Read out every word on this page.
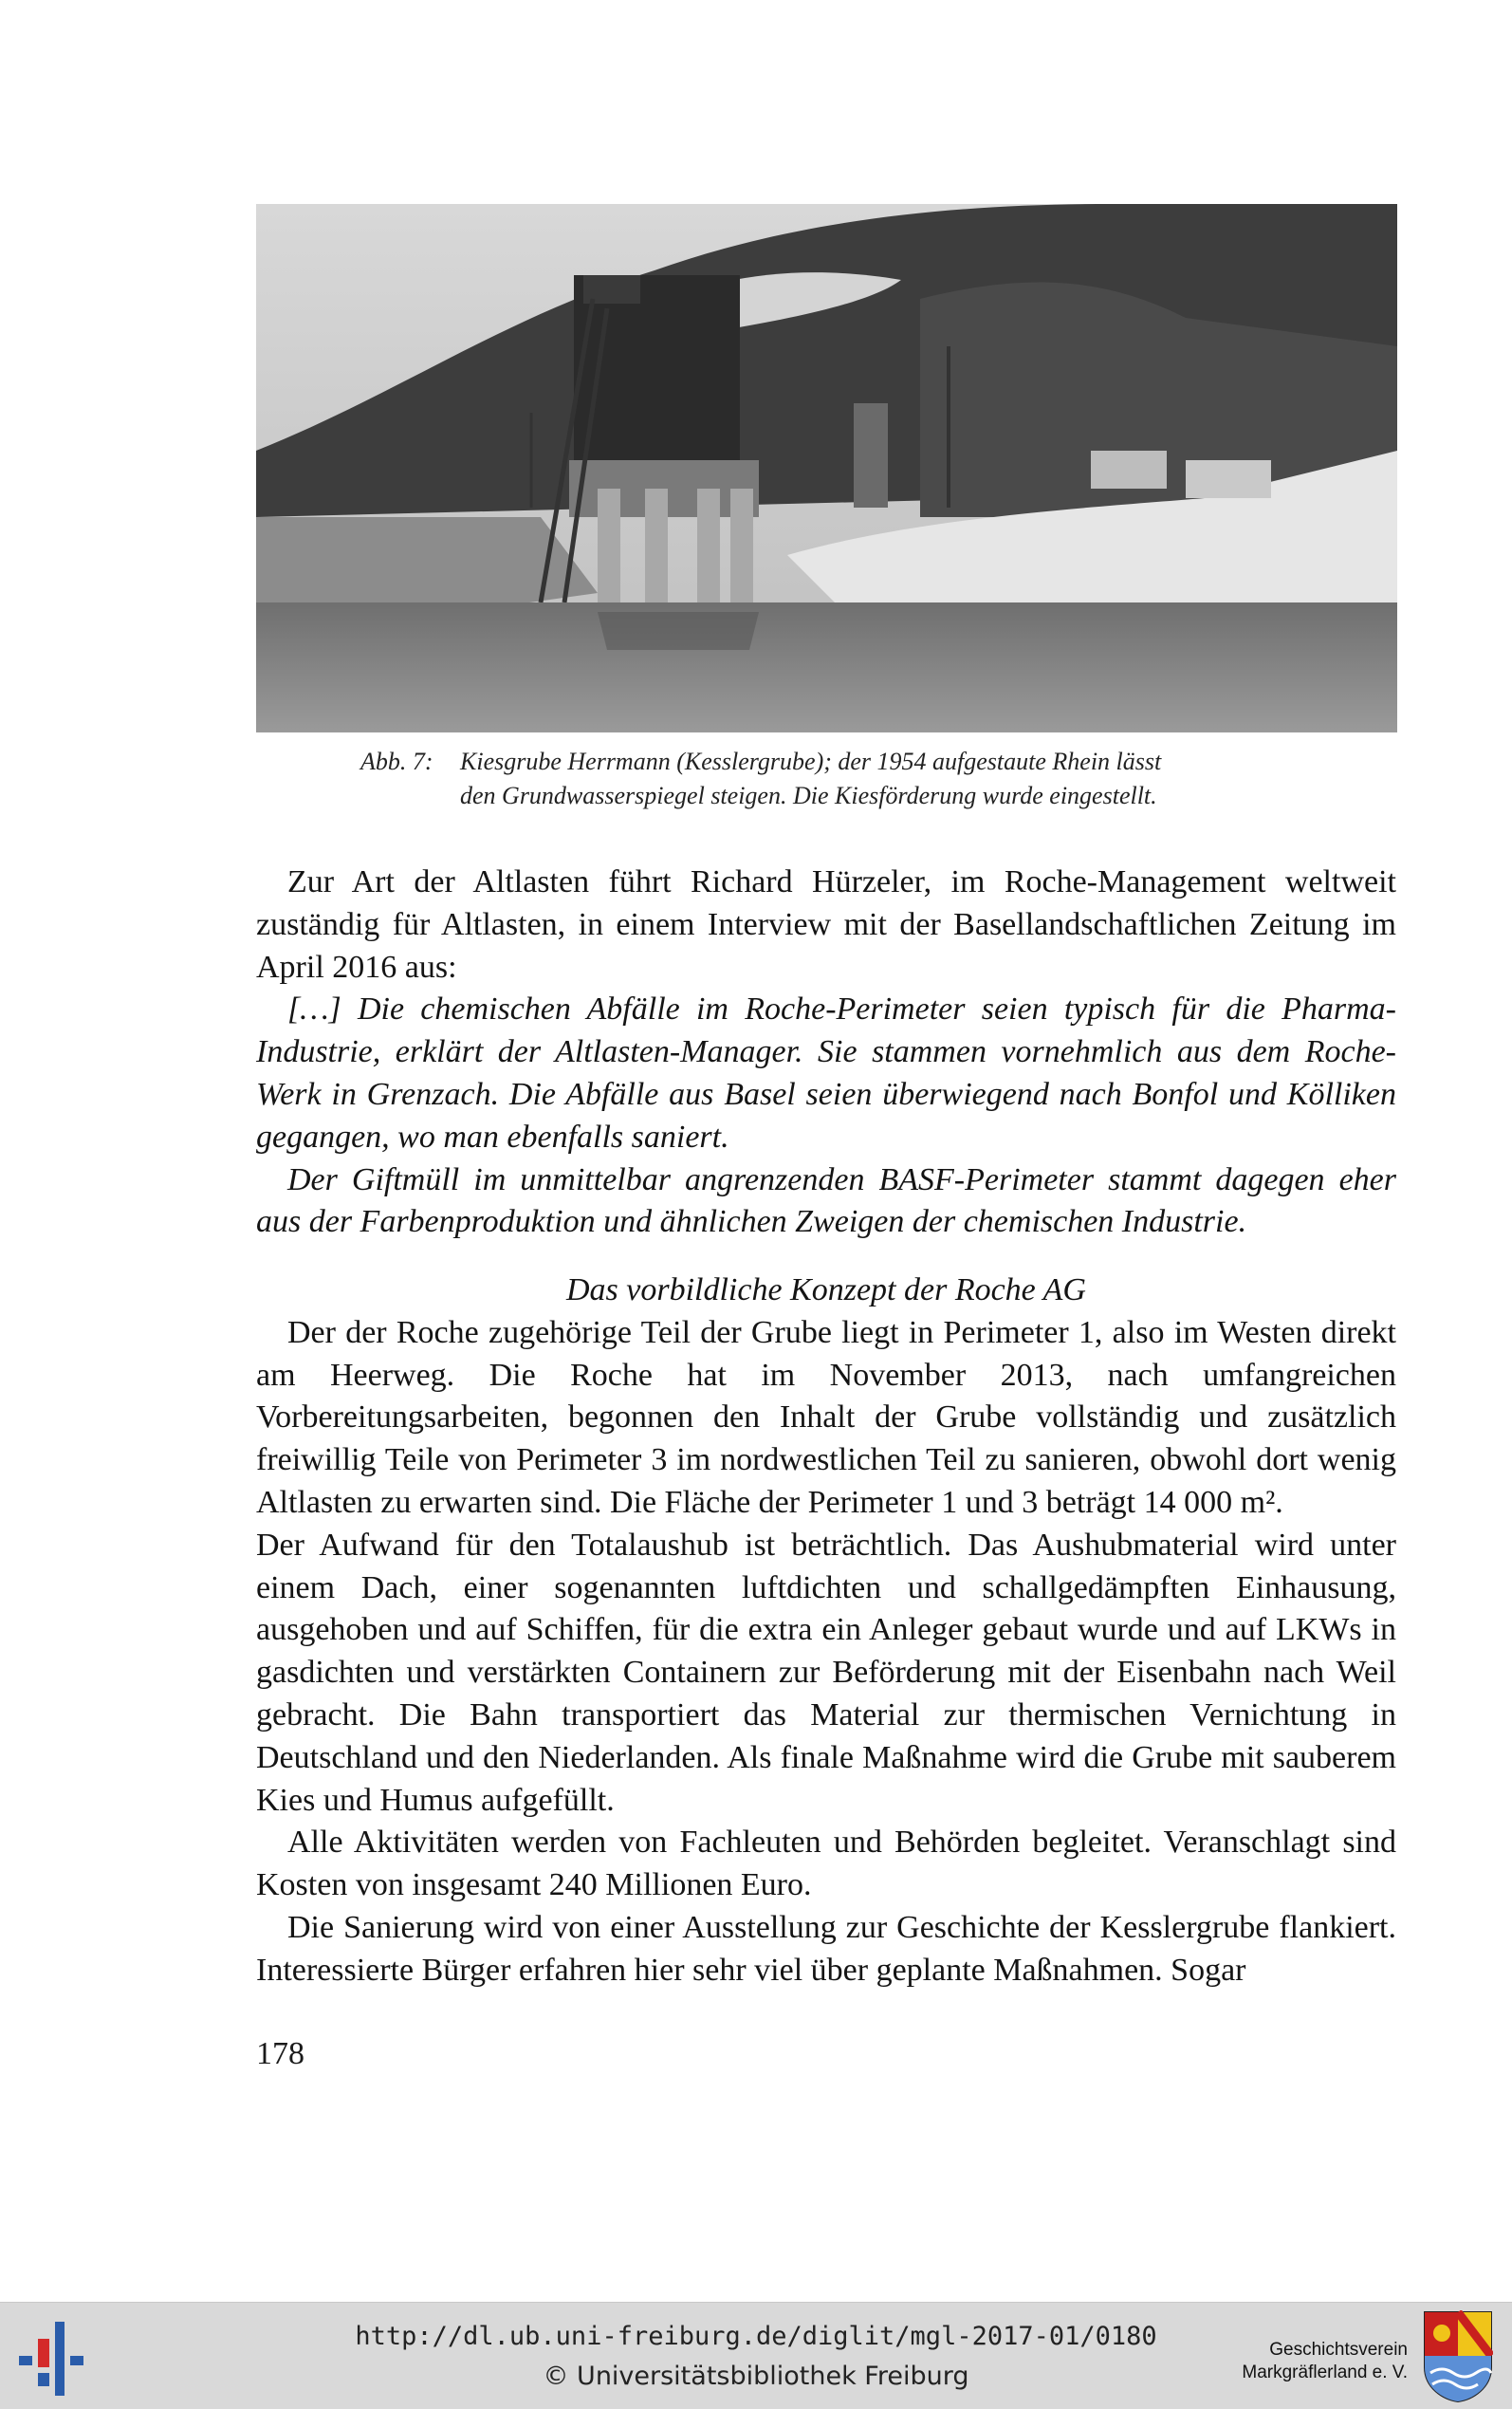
Abb. 7: Kiesgrube Herrmann (Kesslergrube); der 1954 aufgestaute Rhein lässt
den Grundwasserspiegel steigen. Die Kiesförderung wurde eingestellt.

Zur Art der Altlasten führt Richard Hürzeler, im Roche-Management weltweit zuständig für Altlasten, in einem Interview mit der Basellandschaftlichen Zeitung im April 2016 aus:

[…] Die chemischen Abfälle im Roche-Perimeter seien typisch für die Pharma-Industrie, erklärt der Altlasten-Manager. Sie stammen vornehmlich aus dem Roche-Werk in Grenzach. Die Abfälle aus Basel seien überwiegend nach Bonfol und Kölliken gegangen, wo man ebenfalls saniert.

Der Giftmüll im unmittelbar angrenzenden BASF-Perimeter stammt dagegen eher aus der Farbenproduktion und ähnlichen Zweigen der chemischen Industrie.

Das vorbildliche Konzept der Roche AG

Der der Roche zugehörige Teil der Grube liegt in Perimeter 1, also im Westen direkt am Heerweg. Die Roche hat im November 2013, nach umfangreichen Vorbereitungsarbeiten, begonnen den Inhalt der Grube vollständig und zusätzlich freiwillig Teile von Perimeter 3 im nordwestlichen Teil zu sanieren, obwohl dort wenig Altlasten zu erwarten sind. Die Fläche der Perimeter 1 und 3 beträgt 14 000 m².

Der Aufwand für den Totalaushub ist beträchtlich. Das Aushubmaterial wird unter einem Dach, einer sogenannten luftdichten und schallgedämpften Einhausung, ausgehoben und auf Schiffen, für die extra ein Anleger gebaut wurde und auf LKWs in gasdichten und verstärkten Containern zur Beförderung mit der Eisenbahn nach Weil gebracht. Die Bahn transportiert das Material zur thermischen Vernichtung in Deutschland und den Niederlanden. Als finale Maßnahme wird die Grube mit sauberem Kies und Humus aufgefüllt.

Alle Aktivitäten werden von Fachleuten und Behörden begleitet. Veranschlagt sind Kosten von insgesamt 240 Millionen Euro.

Die Sanierung wird von einer Ausstellung zur Geschichte der Kesslergrube flankiert. Interessierte Bürger erfahren hier sehr viel über geplante Maßnahmen. Sogar

178
http://dl.ub.uni-freiburg.de/diglit/mgl-2017-01/0180
© Universitätsbibliothek Freiburg
Geschichtsverein
Markgräflerland e. V.
